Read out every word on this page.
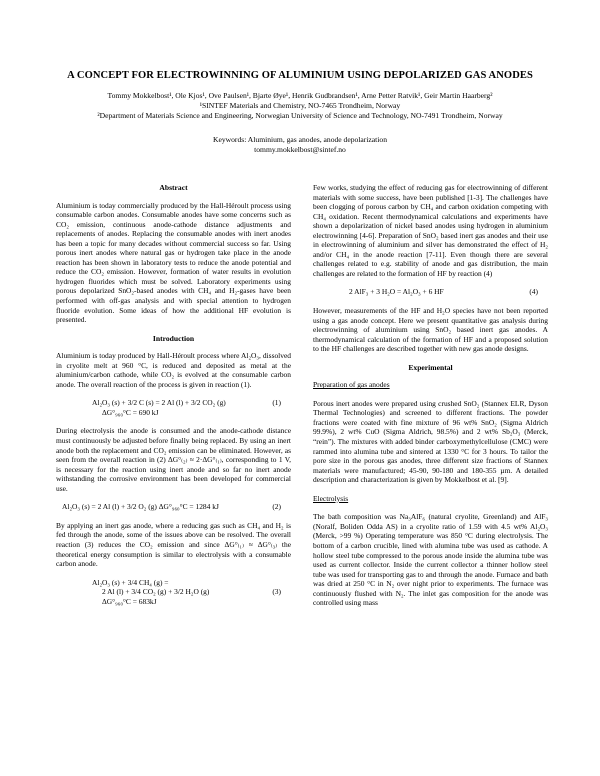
A CONCEPT FOR ELECTROWINNING OF ALUMINIUM USING DEPOLARIZED GAS ANODES
Tommy Mokkelbost¹, Ole Kjos¹, Ove Paulsen¹, Bjarte Øye¹, Henrik Gudbrandsen¹, Arne Petter Ratvik¹, Geir Martin Haarberg²
¹SINTEF Materials and Chemistry, NO-7465 Trondheim, Norway
²Department of Materials Science and Engineering, Norwegian University of Science and Technology, NO-7491 Trondheim, Norway
Keywords: Aluminium, gas anodes, anode depolarization
tommy.mokkelbost@sintef.no
Abstract

Aluminium is today commercially produced by the Hall-Héroult process using consumable carbon anodes. Consumable anodes have some concerns such as CO₂ emission, continuous anode-cathode distance adjustments and replacements of anodes. Replacing the consumable anodes with inert anodes has been a topic for many decades without commercial success so far. Using porous inert anodes where natural gas or hydrogen take place in the anode reaction has been shown in laboratory tests to reduce the anode potential and reduce the CO₂ emission. However, formation of water results in evolution hydrogen fluorides which must be solved. Laboratory experiments using porous depolarized SnO₂-based anodes with CH₄ and H₂-gases have been performed with off-gas analysis and with special attention to hydrogen fluoride evolution. Some ideas of how the additional HF evolution is presented.

Introduction

Aluminium is today produced by Hall-Héroult process where Al₂O₃, dissolved in cryolite melt at 960 °C, is reduced and deposited as metal at the aluminium/carbon cathode, while CO₂ is evolved at the consumable carbon anode. The overall reaction of the process is given in reaction (1).

Al₂O₃ (s) + 3/2 C (s) = 2 Al (l) + 3/2 CO₂ (g)
ΔG°₉₆₀°C = 690 kJ
(1)

During electrolysis the anode is consumed and the anode-cathode distance must continuously be adjusted before finally being replaced. By using an inert anode both the replacement and CO₂ emission can be eliminated. However, as seen from the overall reaction in (2) ΔG°₍₂₎ ≈ 2·ΔG°₍₁₎, corresponding to 1 V, is necessary for the reaction using inert anode and so far no inert anode withstanding the corrosive environment has been developed for commercial use.

Al₂O₃ (s) = 2 Al (l) + 3/2 O₂ (g) ΔG°₉₆₀°C = 1284 kJ	(2)

By applying an inert gas anode, where a reducing gas such as CH₄ and H₂ is fed through the anode, some of the issues above can be resolved. The overall reaction (3) reduces the CO₂ emission and since ΔG°₍₁₎ ≈ ΔG°₍₃₎ the theoretical energy consumption is similar to electrolysis with a consumable carbon anode.

Al₂O₃ (s) + 3/4 CH₄ (g) =
2 Al (l) + 3/4 CO₂ (g) + 3/2 H₂O (g)
ΔG°₉₆₀°C = 683kJ
(3)

Few works, studying the effect of reducing gas for electrowinning of different materials with some success, have been published [1-3]. The challenges have been clogging of porous carbon by CH₄ and carbon oxidation competing with CH₄ oxidation. Recent thermodynamical calculations and experiments have shown a depolarization of nickel based anodes using hydrogen in aluminium electrowinning [4-6]. Preparation of SnO₂ based inert gas anodes and their use in electrowinning of aluminium and silver has demonstrated the effect of H₂ and/or CH₄ in the anode reaction [7-11]. Even though there are several challenges related to e.g. stability of anode and gas distribution, the main challenges are related to the formation of HF by reaction (4)

2 AlF₃ + 3 H₂O = Al₂O₃ + 6 HF	(4)

However, measurements of the HF and H₂O species have not been reported using a gas anode concept. Here we present quantitative gas analysis during electrowinning of aluminium using SnO₂ based inert gas anodes. A thermodynamical calculation of the formation of HF and a proposed solution to the HF challenges are described together with new gas anode designs.

Experimental
Preparation of gas anodes

Porous inert anodes were prepared using crushed SnO₂ (Stannex ELR, Dyson Thermal Technologies) and screened to different fractions. The powder fractions were coated with fine mixture of 96 wt% SnO₂ (Sigma Aldrich 99.9%), 2 wt% CuO (Sigma Aldrich, 98.5%) and 2 wt% Sb₂O₃ (Merck, “rein”). The mixtures with added binder carboxymethylcellulose (CMC) were rammed into alumina tube and sintered at 1330 °C for 3 hours. To tailor the pore size in the porous gas anodes, three different size fractions of Stannex materials were manufactured; 45-90, 90-180 and 180-355 µm. A detailed description and characterization is given by Mokkelbost et al. [9].

Electrolysis

The bath composition was Na₃AlF₆ (natural cryolite, Greenland) and AlF₃ (Noralf, Boliden Odda AS) in a cryolite ratio of 1.59 with 4.5 wt% Al₂O₃ (Merck, >99 %) Operating temperature was 850 °C during electrolysis. The bottom of a carbon crucible, lined with alumina tube was used as cathode. A hollow steel tube compressed to the porous anode inside the alumina tube was used as current collector. Inside the current collector a thinner hollow steel tube was used for transporting gas to and through the anode. Furnace and bath was dried at 250 °C in N₂ over night prior to experiments. The furnace was continuously flushed with N₂. The inlet gas composition for the anode was controlled using mass
